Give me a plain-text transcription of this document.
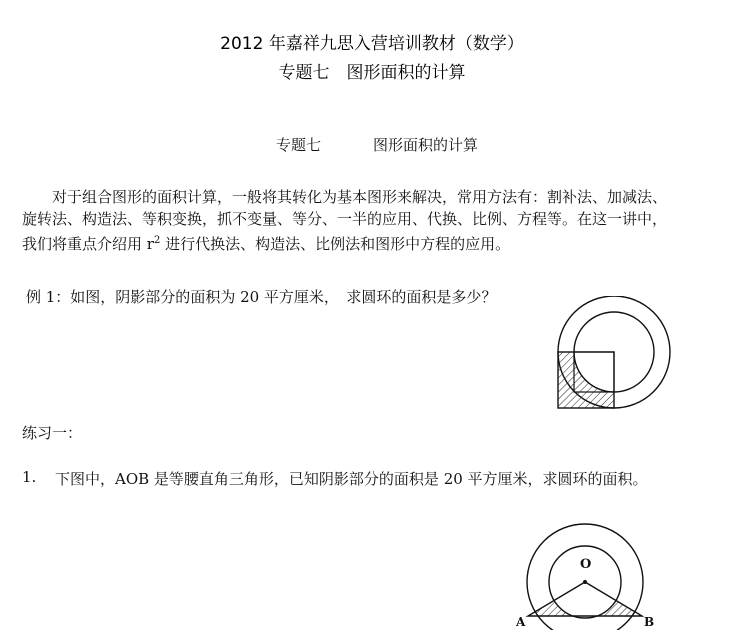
2012 年嘉祥九思入营培训教材（数学）
专题七　图形面积的计算
专题七	图形面积的计算
　　对于组合图形的面积计算，一般将其转化为基本图形来解决，常用方法有：割补法、加减法、
旋转法、构造法、等积变换，抓不变量、等分、一半的应用、代换、比例、方程等。在这一讲中，
我们将重点介绍用 $r^2$ 进行代换法、构造法、比例法和图形中方程的应用。
例 1：如图，阴影部分的面积为 20 平方厘米，　求圆环的面积是多少？
练习一：
1. 下图中，AOB 是等腰直角三角形，已知阴影部分的面积是 20 平方厘米，求圆环的面积。
O
A	B
